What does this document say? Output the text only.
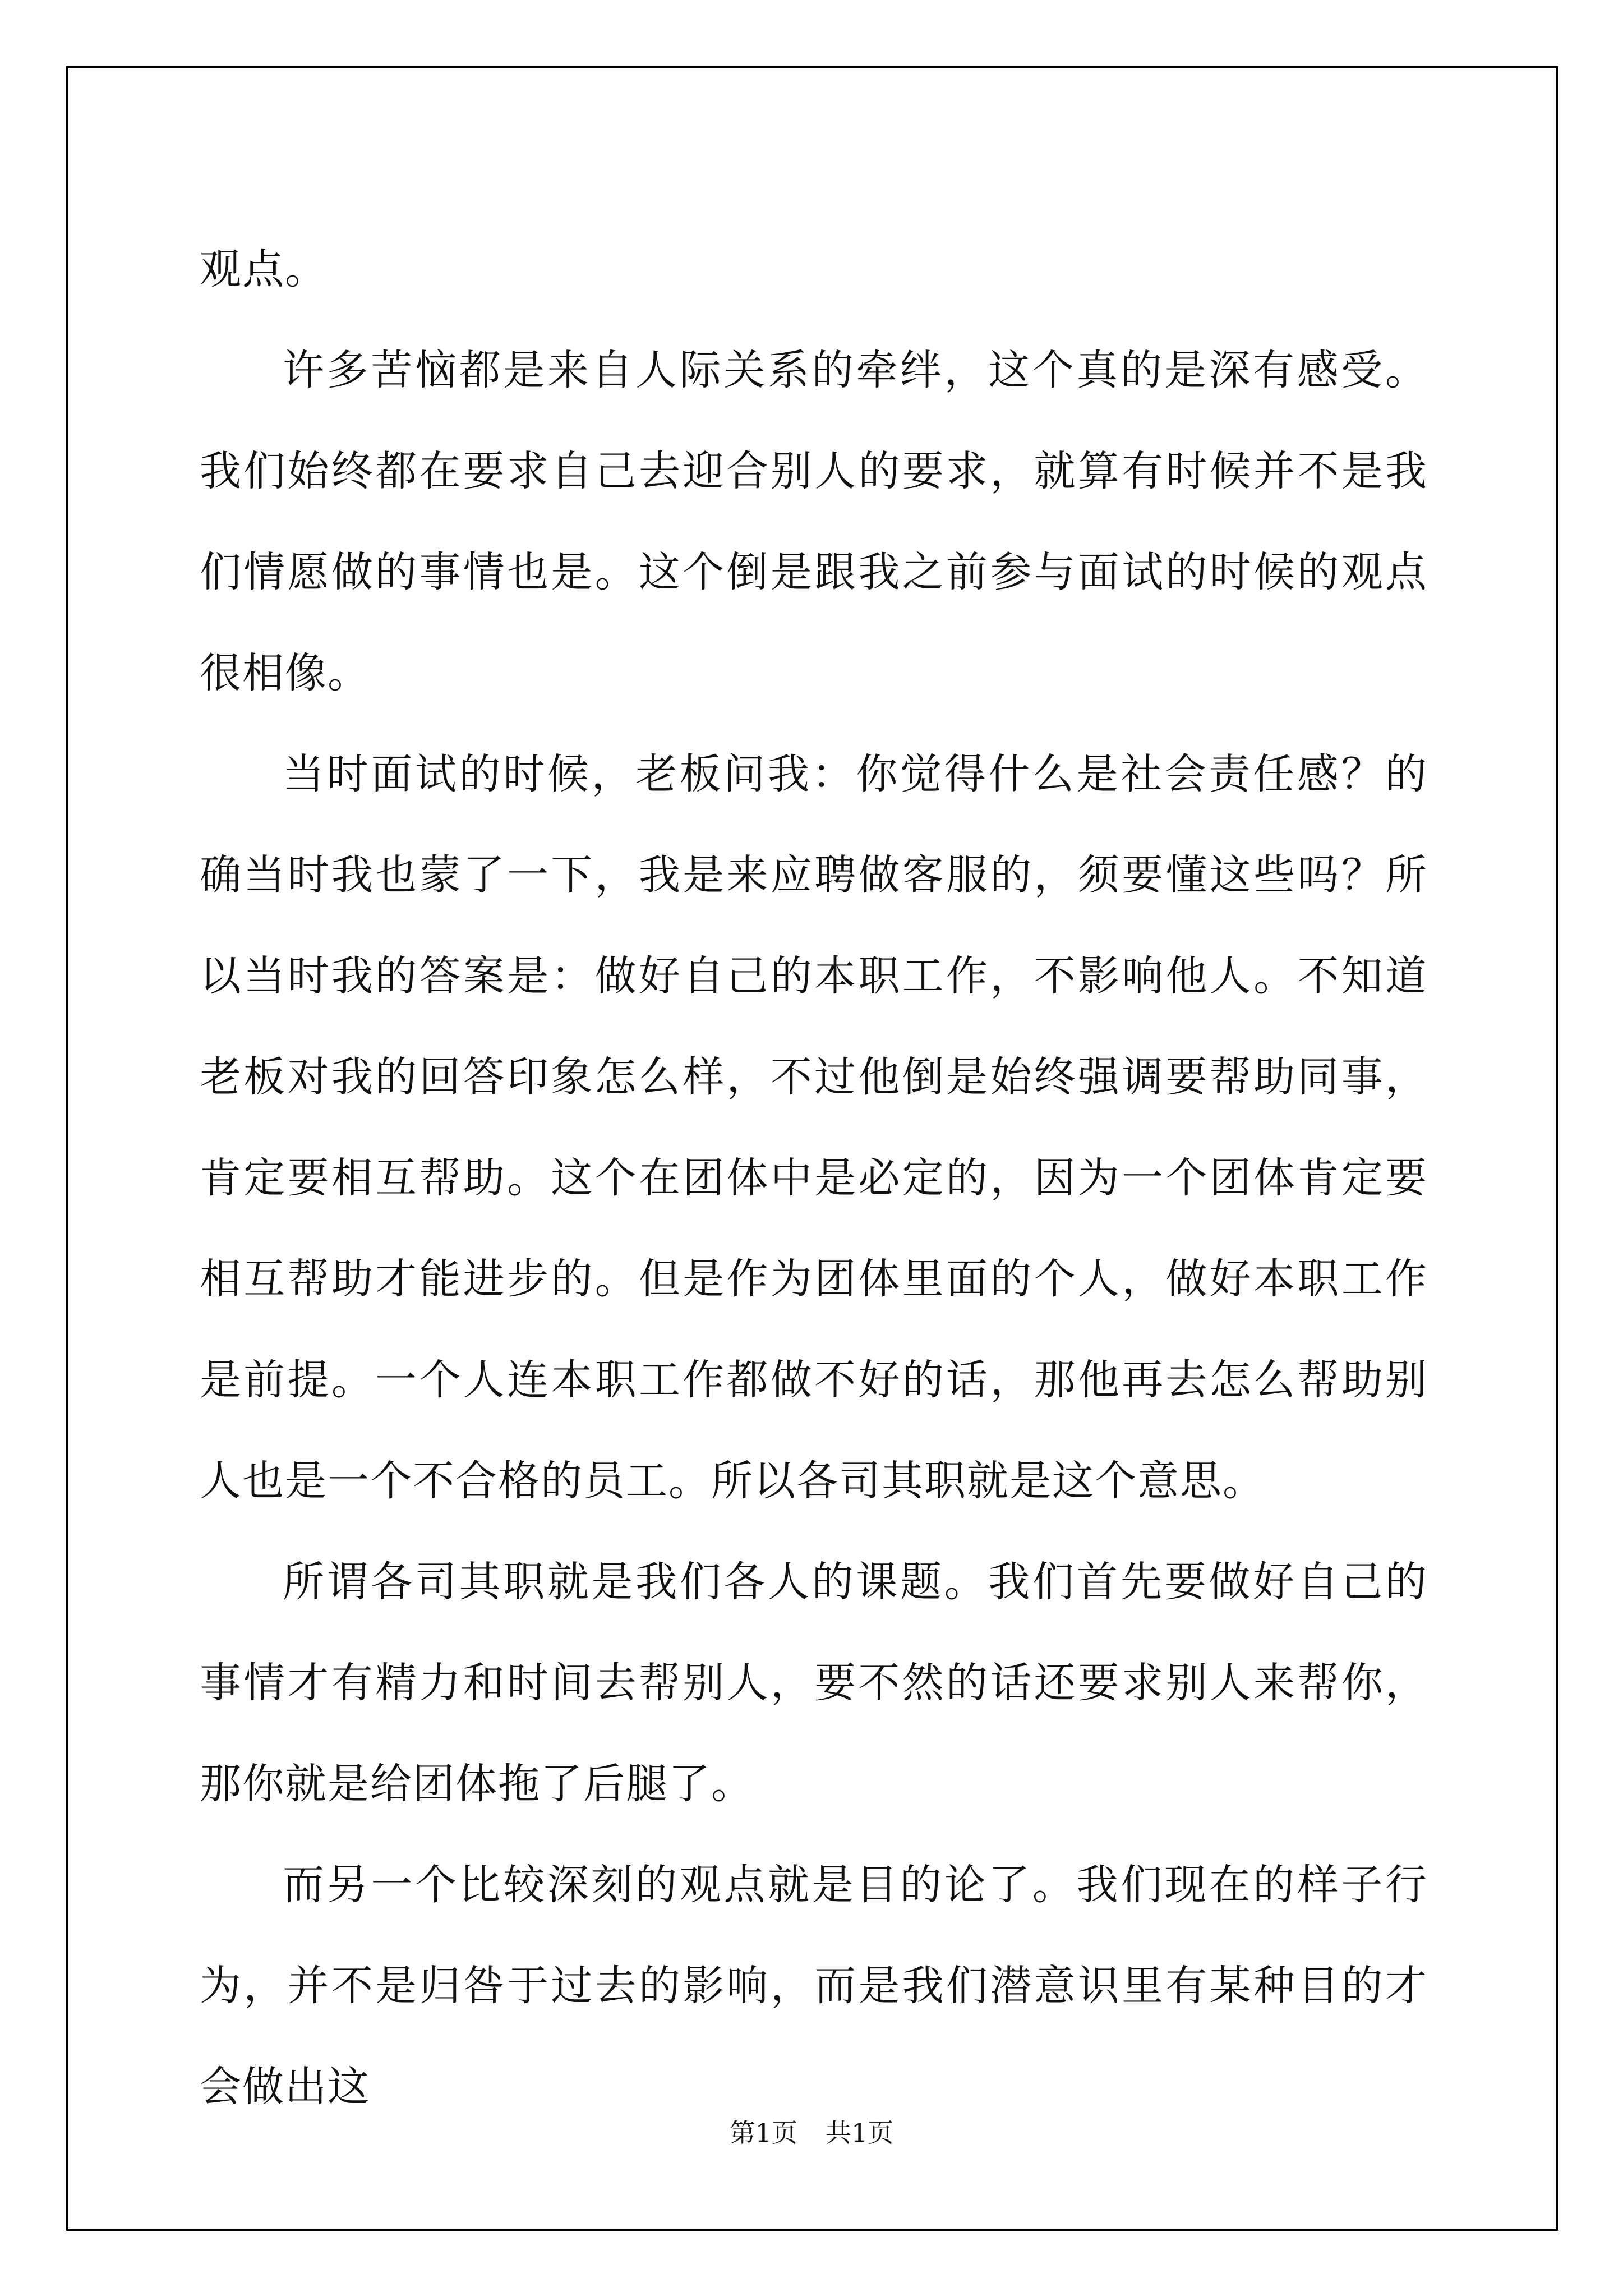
观点。

许多苦恼都是来自人际关系的牵绊，这个真的是深有感受。我们始终都在要求自己去迎合别人的要求，就算有时候并不是我们情愿做的事情也是。这个倒是跟我之前参与面试的时候的观点很相像。

当时面试的时候，老板问我：你觉得什么是社会责任感？的确当时我也蒙了一下，我是来应聘做客服的，须要懂这些吗？所以当时我的答案是：做好自己的本职工作，不影响他人。不知道老板对我的回答印象怎么样，不过他倒是始终强调要帮助同事，肯定要相互帮助。这个在团体中是必定的，因为一个团体肯定要相互帮助才能进步的。但是作为团体里面的个人，做好本职工作是前提。一个人连本职工作都做不好的话，那他再去怎么帮助别人也是一个不合格的员工。所以各司其职就是这个意思。

所谓各司其职就是我们各人的课题。我们首先要做好自己的事情才有精力和时间去帮别人，要不然的话还要求别人来帮你，那你就是给团体拖了后腿了。

而另一个比较深刻的观点就是目的论了。我们现在的样子行为，并不是归咎于过去的影响，而是我们潜意识里有某种目的才会做出这

第1页 共1页
